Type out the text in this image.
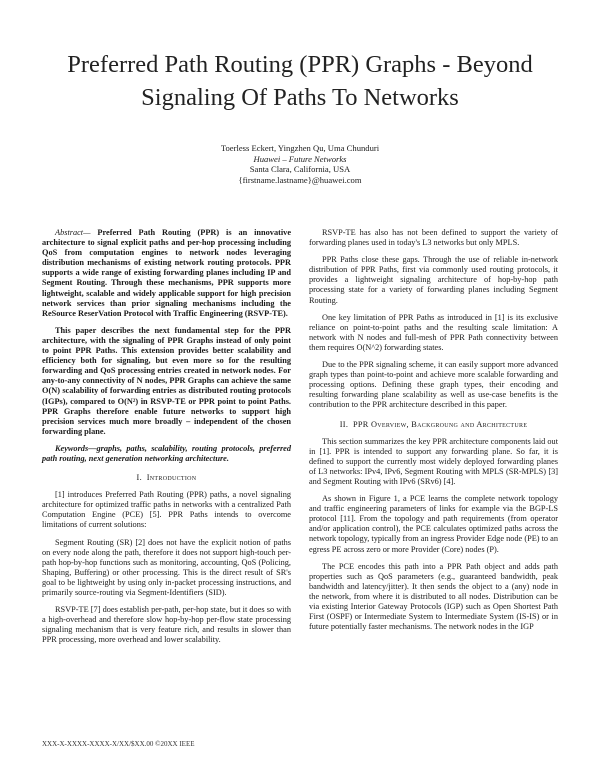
Preferred Path Routing (PPR) Graphs - Beyond Signaling Of Paths To Networks
Toerless Eckert, Yingzhen Qu, Uma Chunduri
Huawei – Future Networks
Santa Clara, California, USA
{firstname.lastname}@huawei.com

Abstract— Preferred Path Routing (PPR) is an innovative architecture to signal explicit paths and per-hop processing including QoS from computation engines to network nodes leveraging distribution mechanisms of existing network routing protocols. PPR supports a wide range of existing forwarding planes including IP and Segment Routing. Through these mechanisms, PPR supports more lightweight, scalable and widely applicable support for high precision network services than prior signaling mechanisms including the ReSource ReserVation Protocol with Traffic Engineering (RSVP-TE).

This paper describes the next fundamental step for the PPR architecture, with the signaling of PPR Graphs instead of only point to point PPR Paths. This extension provides better scalability and efficiency both for signaling, but even more so for the resulting forwarding and QoS processing entries created in network nodes. For any-to-any connectivity of N nodes, PPR Graphs can achieve the same O(N) scalability of forwarding entries as distributed routing protocols (IGPs), compared to O(N²) in RSVP-TE or PPR point to point Paths. PPR Graphs therefore enable future networks to support high precision services much more broadly – independent of the chosen forwarding plane.

Keywords—graphs, paths, scalability, routing protocols, preferred path routing, next generation networking architecture.

I. Introduction

[1] introduces Preferred Path Routing (PPR) paths, a novel signaling architecture for optimized traffic paths in networks with a centralized Path Computation Engine (PCE) [5]. PPR Paths intends to overcome limitations of current solutions:

Segment Routing (SR) [2] does not have the explicit notion of paths on every node along the path, therefore it does not support high-touch per-path hop-by-hop functions such as monitoring, accounting, QoS (Policing, Shaping, Buffering) or other processing. This is the direct result of SR's goal to be lightweight by using only in-packet processing instructions, and primarily source-routing via Segment-Identifiers (SID).

RSVP-TE [7] does establish per-path, per-hop state, but it does so with a high-overhead and therefore slow hop-by-hop per-flow state processing signaling mechanism that is very feature rich, and results in slower than PPR processing, more overhead and lower scalability.

RSVP-TE has also has not been defined to support the variety of forwarding planes used in today's L3 networks but only MPLS.

PPR Paths close these gaps. Through the use of reliable in-network distribution of PPR Paths, first via commonly used routing protocols, it provides a lightweight signaling architecture of hop-by-hop path processing state for a variety of forwarding planes including Segment Routing.

One key limitation of PPR Paths as introduced in [1] is its exclusive reliance on point-to-point paths and the resulting scale limitation: A network with N nodes and full-mesh of PPR Path connectivity between them requires O(N^2) forwarding states.

Due to the PPR signaling scheme, it can easily support more advanced graph types than point-to-point and achieve more scalable forwarding and processing options. Defining these graph types, their encoding and resulting forwarding plane scalability as well as use-case benefits is the contribution to the PPR architecture described in this paper.

II. PPR Overview, Backgroung and Architecture

This section summarizes the key PPR architecture components laid out in [1]. PPR is intended to support any forwarding plane. So far, it is defined to support the currently most widely deployed forwarding planes of L3 networks: IPv4, IPv6, Segment Routing with MPLS (SR-MPLS) [3] and Segment Routing with IPv6 (SRv6) [4].

As shown in Figure 1, a PCE learns the complete network topology and traffic engineering parameters of links for example via the BGP-LS protocol [11]. From the topology and path requirements (from operator and/or application control), the PCE calculates optimized paths across the network topology, typically from an ingress Provider Edge node (PE) to an egress PE across zero or more Provider (Core) nodes (P).

The PCE encodes this path into a PPR Path object and adds path properties such as QoS parameters (e.g., guaranteed bandwidth, peak bandwidth and latency/jitter). It then sends the object to a (any) node in the network, from where it is distributed to all nodes. Distribution can be via existing Interior Gateway Protocols (IGP) such as Open Shortest Path First (OSPF) or Intermediate System to Intermediate System (IS-IS) or in future potentially faster mechanisms. The network nodes in the IGP

XXX-X-XXXX-XXXX-X/XX/$XX.00 ©20XX IEEE
